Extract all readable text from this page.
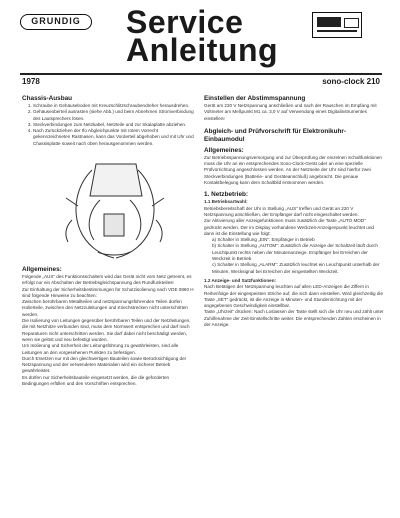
GRUNDIG	Service
Anleitung
1978	sono-clock 210
Chassis-Ausbau
1. Schraube in Gehäuseboden mit Kreuzschlitzschraubendreher herausdrehen.
2. Gehäuseoberteil ausrasten (siehe Abb.) und beim Abnehmen Stromverbindung des Lautsprechers lösen.
3. Steckverbindungen zum Netzkabel, Netzteile und zur Skalaplatte abziehen.
4. Nach Zurückziehen der Ifo Abgleichpunkte mit rotem Vorrecht gekennzeichneten Rastnasen, kann das Vorderteil abgehoben und mit Uhr und Chassisplatte soweit nach oben herausgenommen werden.
Allgemeines:
Folgende „AUS“ des Funktionsschalters wird das Gerät nicht vom Netz getrennt, es erfolgt nur ein Abschalten der Betriebsgleichspannung des Rundfunkteiles!
Zur Einhaltung der Sicherheitsbestimmungen für Schutzisolierung nach VDE 0860 H sind folgende Hinweise zu beachten:
Zwischen berührbaren Metallteilen und netzspannungsführenden Teilen dürfen Isolierteile, zwischen den Netzzuleitungen und Kriechstrecken nicht unterschritten werden.
Die Isolierung von Leitungen gegenüber berührbaren Teilen und der Netzleitungen, die mit Netzhitze verbunden sind, muss dem Normwert entsprechen und darf nach Reparaturen nicht unterschritten werden. Sie darf dabei nicht beschädigt werden, wenn sie gelöst und neu befestigt wurden.
Um Isolierung und Sicherheit der Leitungsführung zu gewährleisten, sind alle Leitungen an den vorgesehenen Punkten zu befestigen.
Durch Ersetzen nur mit den gleichwertigen Bauteilen sowie Berücksichtigung der Netzspannung und der verwendeten Materialien wird ein sicherer Betrieb gewährleistet.
Es dürfen nur Sicherheitsbauteile eingesetzt werden, die die geforderten Bedingungen erfüllen und den Vorschriften entsprechen.
Einstellen der Abstimmspannung
Gerät am 220 V Netzspannung anschließen und nach der Rauschen im Empfang mit Voltmeter am Meßpunkt M1 ca. 3,0 V auf Verwendung eines Digitalinstrumentes einstellen!
Abgleich- und Prüfvorschrift für Elektronikuhr-Einbaumodul
Allgemeines:
Zur Betriebsspannungsversorgung und zur Überprüfung der einzelnen Schaltfunktionen muss die Uhr an ein entsprechendes Sono-Clock-Gerät oder an eine spezielle Prüfvorrichtung angeschlossen werden. An der Netzseite der Uhr sind hierfür zwei Steckverbindungen (Batterie- und Geräteanschluß) angebracht. Die genaue Kontaktbelegung kann dem Schaltbild entnommen werden.
1. Netzbetrieb:
1.1 Betriebsartwahl:
Betriebsbereitschaft der Uhr in Stellung „AUS“ treffen und Gerät an 220 V Netzspannung anschließen, der Empfänger darf nicht eingeschaltet werden.
Zur Aktivierung aller Anzeigefunktionen muss zusätzlich die Taste „AUTO MOD“ gedrückt werden. Der im Display vorhandene Weckzeit-Anzeigenpunkt leuchtet und dann ist die Einstellung wie folgt:
a) Schalter in Stellung „EIN“: Empfänger in Betrieb
b) Schalter in Stellung „AUTOM“: Zusätzlich die Anzeige der Schaltzeit läuft durch Leuchtpunkt rechts neben der Minutenanzeige. Empfänger bei Erreichen der Weckzeit in Betrieb.
c) Schalter in Stellung „ALARM“: Zusätzlich leuchtet ein Leuchtpunkt unterhalb der Minuten, Wecksignal bei Erreichen der eingestellten Weckzeit.
1.2 Anzeige- und Satzfunktionen:
Nach Betätigen der Netzspannung leuchten auf allen LED-Anzeigen die Ziffern in Reihenfolge der eingespeisten Striche auf, die sich dann einstellen. Wird gleichzeitig die Taste „SET“ gedrückt, ist die Anzeige in Minuten- und Stundenrichtung mit der angegebenen Geschwindigkeit einstellbar.
Taste „Uhrzeit“ drücken: Nach Loslassen der Taste stellt sich die Uhr neu und zählt unter Zuhilfenahme der Zeit-Einstellschritte weiter. Die entsprechenden Zahlen erscheinen in der Anzeige.
